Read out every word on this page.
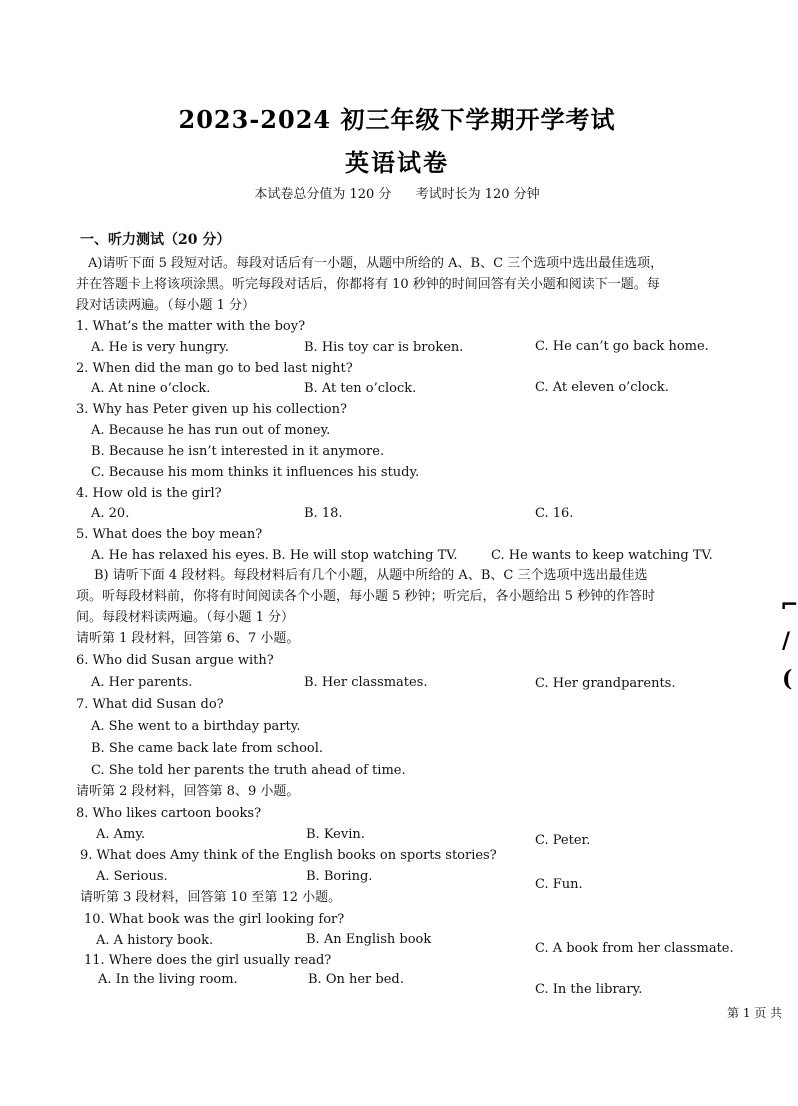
2023-2024 初三年级下学期开学考试
英语试卷
本试卷总分值为 120 分 考试时长为 120 分钟
一、听力测试（20 分）
A)请听下面 5 段短对话。每段对话后有一小题，从题中所给的 A、B、C 三个选项中选出最佳选项，
并在答题卡上将该项涂黑。听完每段对话后，你都将有 10 秒钟的时间回答有关小题和阅读下一题。每
段对话读两遍。（每小题 1 分）
1. What’s the matter with the boy?
A. He is very hungry.	B. His toy car is broken.	C. He can’t go back home.
2. When did the man go to bed last night?
A. At nine o’clock.	B. At ten o’clock.	C. At eleven o’clock.
3. Why has Peter given up his collection?
A. Because he has run out of money.
B. Because he isn’t interested in it anymore.
C. Because his mom thinks it influences his study.
4. How old is the girl?
A. 20.	B. 18.	C. 16.
5. What does the boy mean?
A. He has relaxed his eyes. B. He will stop watching TV.	C. He wants to keep watching TV.
B) 请听下面 4 段材料。每段材料后有几个小题，从题中所给的 A、B、C 三个选项中选出最佳选
项。听每段材料前，你将有时间阅读各个小题，每小题 5 秒钟；听完后，各小题给出 5 秒钟的作答时
间。每段材料读两遍。（每小题 1 分）
请听第 1 段材料，回答第 6、7 小题。
6. Who did Susan argue with?
A. Her parents.	B. Her classmates.	C. Her grandparents.
7. What did Susan do?
A. She went to a birthday party.
B. She came back late from school.
C. She told her parents the truth ahead of time.
请听第 2 段材料，回答第 8、9 小题。
8. Who likes cartoon books?
A. Amy.	B. Kevin.	C. Peter.
9. What does Amy think of the English books on sports stories?
A. Serious.	B. Boring.
C. Fun.
请听第 3 段材料，回答第 10 至第 12 小题。
10. What book was the girl looking for?
A. A history book.	B. An English book
C. A book from her classmate.
11. Where does the girl usually read?
A. In the living room.	B. On her bed.
C. In the library.
⌐
/
(
第 1 页 共
